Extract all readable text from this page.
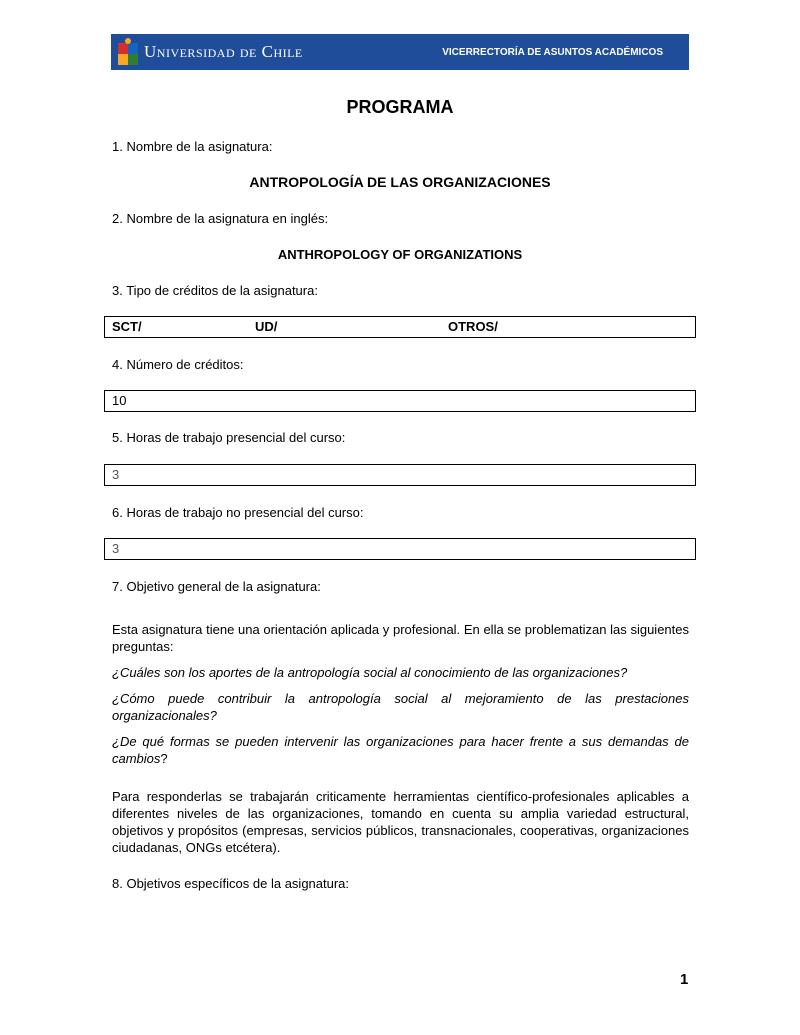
Universidad de Chile	VICERRECTORÍA DE ASUNTOS ACADÉMICOS
PROGRAMA
1. Nombre de la asignatura:
ANTROPOLOGÍA DE LAS ORGANIZACIONES
2. Nombre de la asignatura en inglés:
ANTHROPOLOGY OF ORGANIZATIONS
3. Tipo de créditos de la asignatura:
SCT/	UD/	OTROS/
4. Número de créditos:
10
5. Horas de trabajo presencial del curso:
3
6. Horas de trabajo no presencial del curso:
3
7. Objetivo general de la asignatura:

Esta asignatura tiene una orientación aplicada y profesional. En ella se problematizan las siguientes preguntas:

¿Cuáles son los aportes de la antropología social al conocimiento de las organizaciones?

¿Cómo puede contribuir la antropología social al mejoramiento de las prestaciones organizacionales?

¿De qué formas se pueden intervenir las organizaciones para hacer frente a sus demandas de cambios?

Para responderlas se trabajarán criticamente herramientas científico-profesionales aplicables a diferentes niveles de las organizaciones, tomando en cuenta su amplia variedad estructural, objetivos y propósitos (empresas, servicios públicos, transnacionales, cooperativas, organizaciones ciudadanas, ONGs etcétera).

8. Objetivos específicos de la asignatura:
1
